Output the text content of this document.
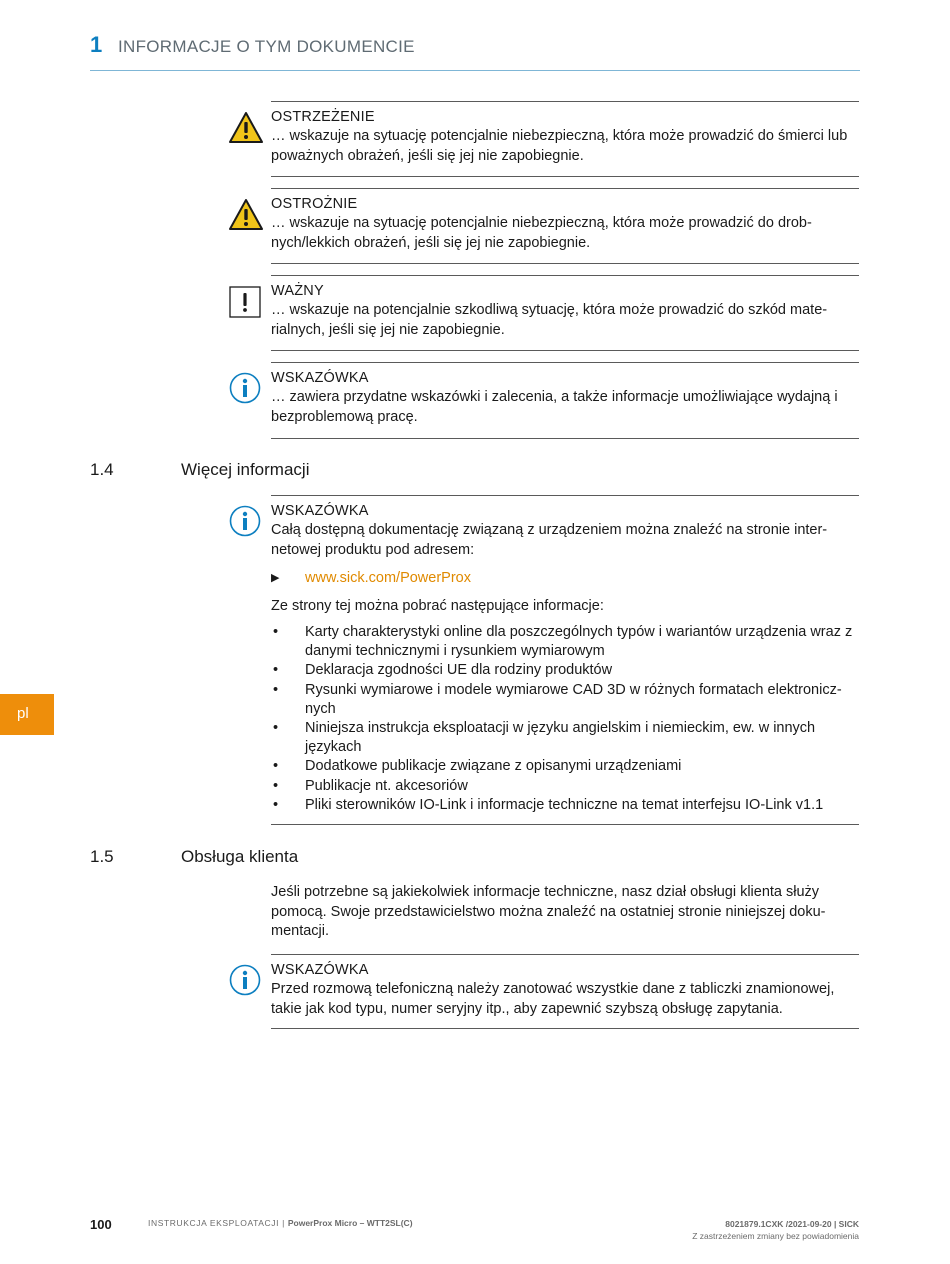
1 INFORMACJE O TYM DOKUMENCIE
OSTRZEŻENIE
… wskazuje na sytuację potencjalnie niebezpieczną, która może prowadzić do śmierci lub poważnych obrażeń, jeśli się jej nie zapobiegnie.
OSTROŻNIE
… wskazuje na sytuację potencjalnie niebezpieczną, która może prowadzić do drob-nych/lekkich obrażeń, jeśli się jej nie zapobiegnie.
WAŻNY
… wskazuje na potencjalnie szkodliwą sytuację, która może prowadzić do szkód mate-rialnych, jeśli się jej nie zapobiegnie.
WSKAZÓWKA
… zawiera przydatne wskazówki i zalecenia, a także informacje umożliwiające wydajną i bezproblemową pracę.
1.4	Więcej informacji
WSKAZÓWKA
Całą dostępną dokumentację związaną z urządzeniem można znaleźć na stronie inter-netowej produktu pod adresem:
▶ www.sick.com/PowerProx
Ze strony tej można pobrać następujące informacje:
• Karty charakterystyki online dla poszczególnych typów i wariantów urządzenia wraz z danymi technicznymi i rysunkiem wymiarowym
• Deklaracja zgodności UE dla rodziny produktów
• Rysunki wymiarowe i modele wymiarowe CAD 3D w różnych formatach elektronicz-nych
• Niniejsza instrukcja eksploatacji w języku angielskim i niemieckim, ew. w innych językach
• Dodatkowe publikacje związane z opisanymi urządzeniami
• Publikacje nt. akcesoriów
• Pliki sterowników IO-Link i informacje techniczne na temat interfejsu IO-Link v1.1
pl
1.5	Obsługa klienta
Jeśli potrzebne są jakiekolwiek informacje techniczne, nasz dział obsługi klienta służy pomocą. Swoje przedstawicielstwo można znaleźć na ostatniej stronie niniejszej doku-mentacji.
WSKAZÓWKA
Przed rozmową telefoniczną należy zanotować wszystkie dane z tabliczki znamionowej, takie jak kod typu, numer seryjny itp., aby zapewnić szybszą obsługę zapytania.
100	INSTRUKCJA EKSPLOATACJI | PowerProx Micro – WTT2SL(C)	8021879.1CXK /2021-09-20 | SICK
Z zastrzeżeniem zmiany bez powiadomienia
